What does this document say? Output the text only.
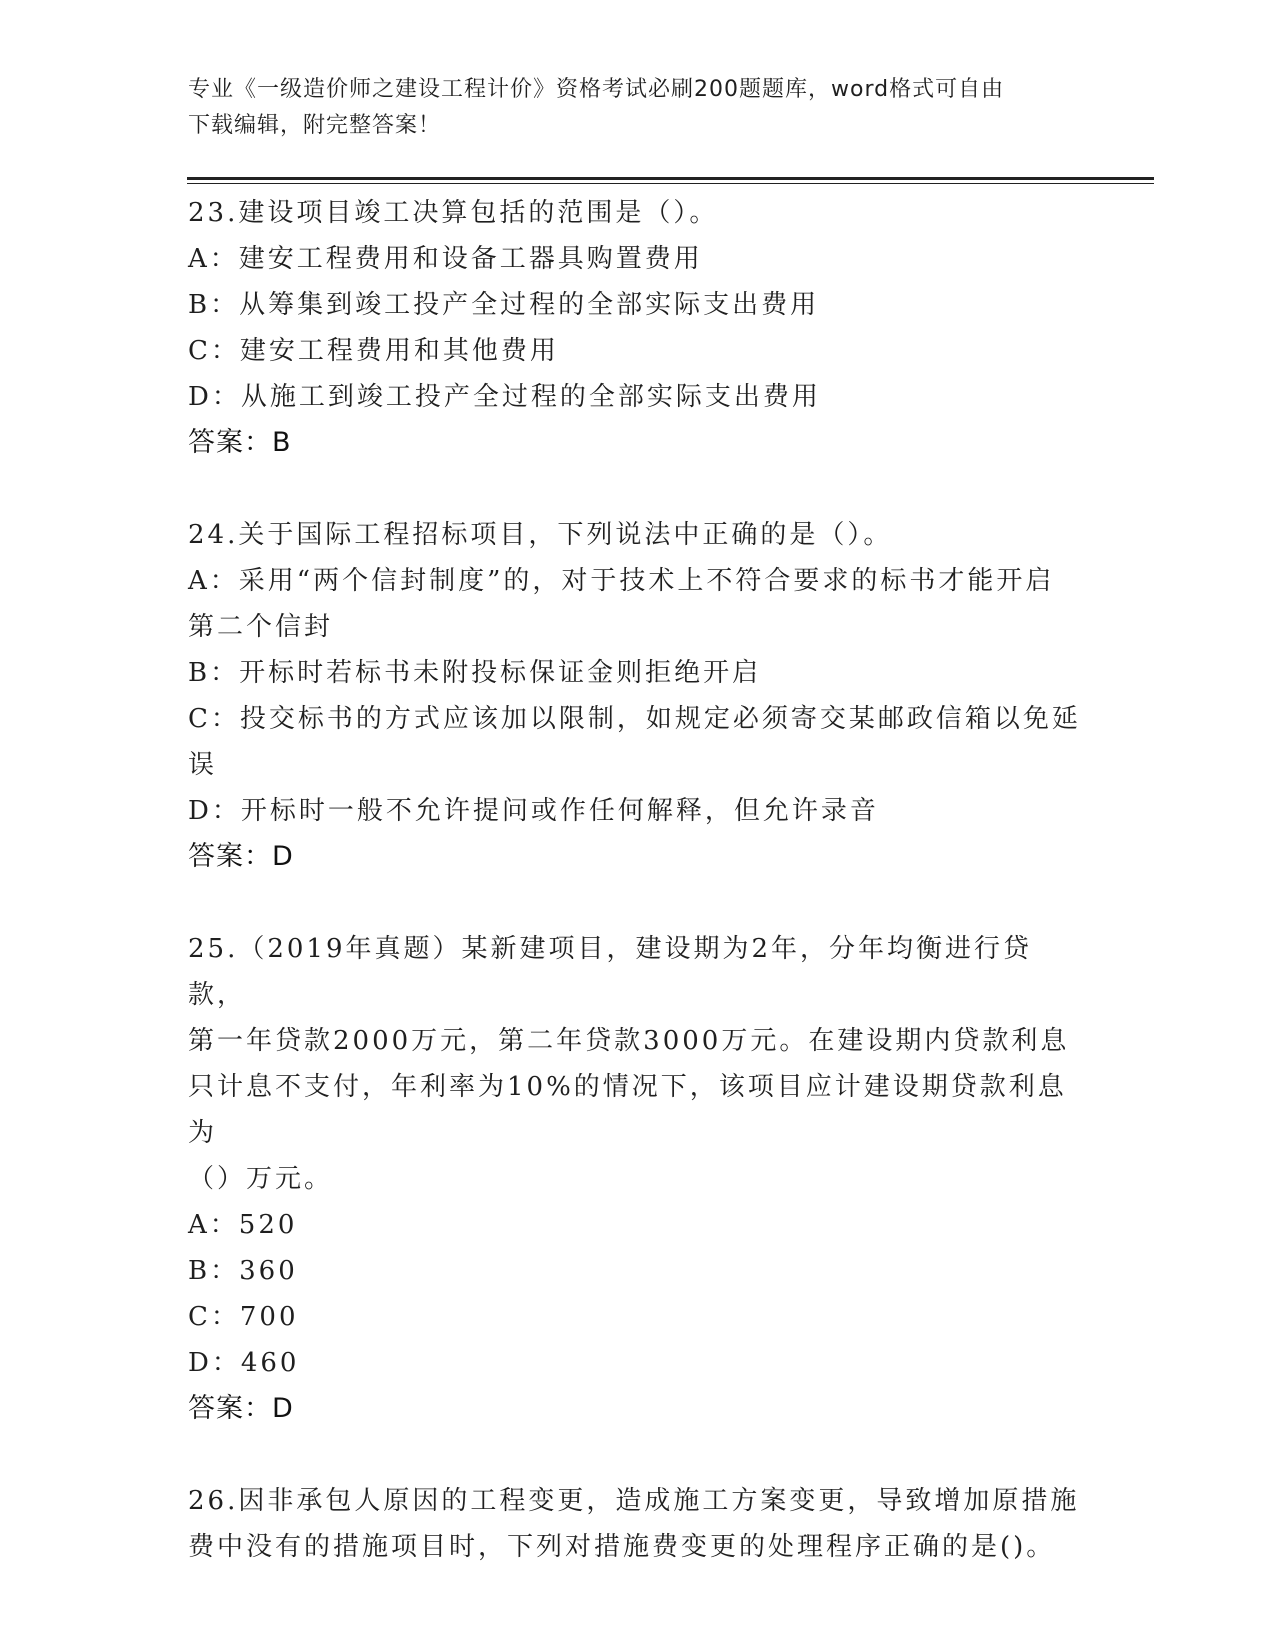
专业《一级造价师之建设工程计价》资格考试必刷200题题库，word格式可自由
下载编辑，附完整答案！

23.建设项目竣工决算包括的范围是（）。

A：建安工程费用和设备工器具购置费用

B：从筹集到竣工投产全过程的全部实际支出费用

C：建安工程费用和其他费用

D：从施工到竣工投产全过程的全部实际支出费用

答案：B

24.关于国际工程招标项目，下列说法中正确的是（）。

A：采用“两个信封制度”的，对于技术上不符合要求的标书才能开启

第二个信封

B：开标时若标书未附投标保证金则拒绝开启

C：投交标书的方式应该加以限制，如规定必须寄交某邮政信箱以免延

误

D：开标时一般不允许提问或作任何解释，但允许录音

答案：D

25.（2019年真题）某新建项目，建设期为2年，分年均衡进行贷款，

第一年贷款2000万元，第二年贷款3000万元。在建设期内贷款利息

只计息不支付，年利率为10%的情况下，该项目应计建设期贷款利息为

（）万元。

A：520

B：360

C：700

D：460

答案：D

26.因非承包人原因的工程变更，造成施工方案变更，导致增加原措施

费中没有的措施项目时，下列对措施费变更的处理程序正确的是()。
